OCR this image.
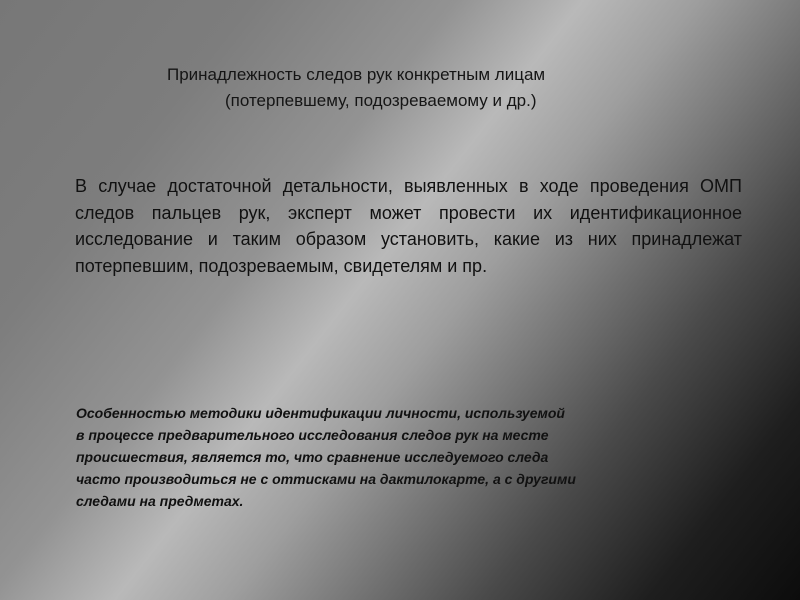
Принадлежность следов рук конкретным лицам
(потерпевшему, подозреваемому и др.)
В случае достаточной детальности, выявленных в ходе проведения ОМП следов пальцев рук, эксперт может провести их идентификационное исследование и таким образом установить, какие из них принадлежат потерпевшим, подозреваемым, свидетелям и пр.
Особенностью методики идентификации личности, используемой
в процессе предварительного исследования следов рук на месте
происшествия, является то, что сравнение исследуемого следа
часто производиться не с оттисками на дактилокарте, а с другими
следами на предметах.
